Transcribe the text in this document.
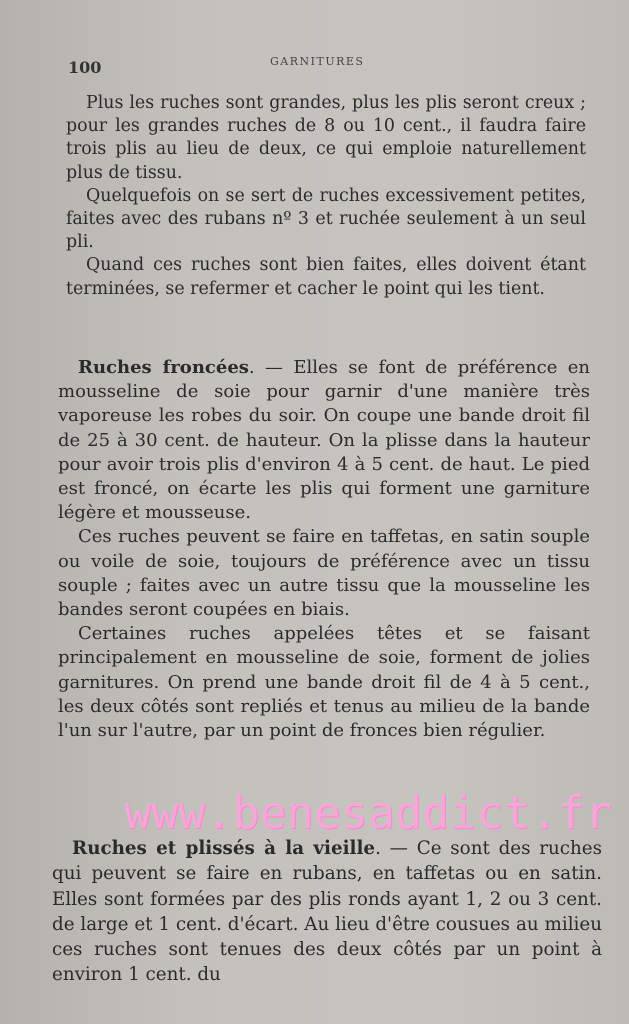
100	GARNITURES

Plus les ruches sont grandes, plus les plis seront creux ; pour les grandes ruches de 8 ou 10 cent., il faudra faire trois plis au lieu de deux, ce qui emploie naturellement plus de tissu.

Quelquefois on se sert de ruches excessivement petites, faites avec des rubans nº 3 et ruchée seulement à un seul pli.

Quand ces ruches sont bien faites, elles doivent étant terminées, se refermer et cacher le point qui les tient.

Ruches froncées. — Elles se font de préférence en mousseline de soie pour garnir d'une manière très vaporeuse les robes du soir. On coupe une bande droit fil de 25 à 30 cent. de hauteur. On la plisse dans la hauteur pour avoir trois plis d'environ 4 à 5 cent. de haut. Le pied est froncé, on écarte les plis qui forment une garniture légère et mousseuse.

Ces ruches peuvent se faire en taffetas, en satin souple ou voile de soie, toujours de préférence avec un tissu souple ; faites avec un autre tissu que la mousseline les bandes seront coupées en biais.

Certaines ruches appelées têtes et se faisant principalement en mousseline de soie, forment de jolies garnitures. On prend une bande droit fil de 4 à 5 cent., les deux côtés sont repliés et tenus au milieu de la bande l'un sur l'autre, par un point de fronces bien régulier.

Ruches et plissés à la vieille. — Ce sont des ruches qui peuvent se faire en rubans, en taffetas ou en satin. Elles sont formées par des plis ronds ayant 1, 2 ou 3 cent. de large et 1 cent. d'écart. Au lieu d'être cousues au milieu ces ruches sont tenues des deux côtés par un point à environ 1 cent. du

www.benesaddict.fr
